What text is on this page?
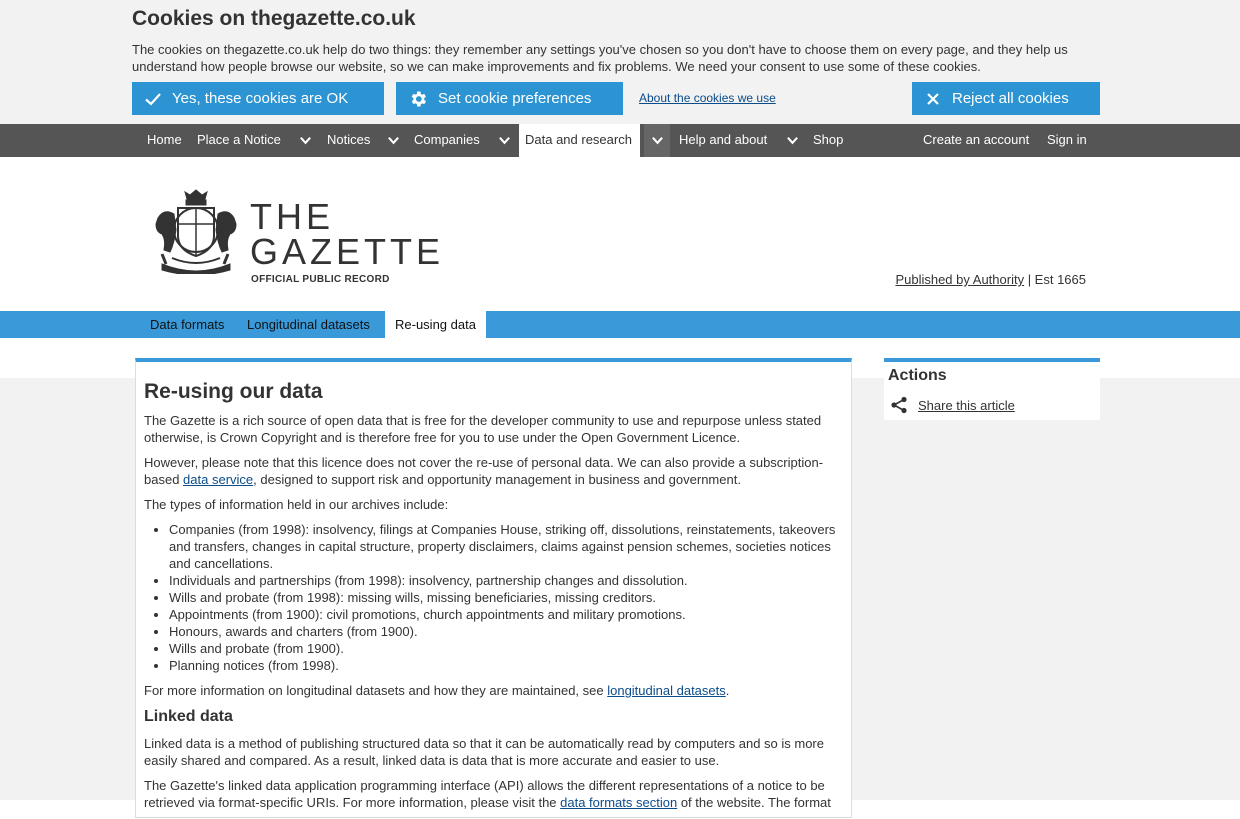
Cookies on thegazette.co.uk
The cookies on thegazette.co.uk help do two things: they remember any settings you've chosen so you don't have to choose them on every page, and they help us understand how people browse our website, so we can make improvements and fix problems. We need your consent to use some of these cookies.
Yes, these cookies are OK	Set cookie preferences	About the cookies we use	Reject all cookies
Home Place a Notice	Notices	Companies	Data and research	Help and about	Shop	Create an account Sign in
THE
GAZETTE
OFFICIAL PUBLIC RECORD	Published by Authority | Est 1665
Data formats	Longitudinal datasets	Re-using data
Re-using our data

The Gazette is a rich source of open data that is free for the developer community to use and repurpose unless stated otherwise, is Crown Copyright and is therefore free for you to use under the Open Government Licence.

However, please note that this licence does not cover the re-use of personal data. We can also provide a subscription-based data service, designed to support risk and opportunity management in business and government.

The types of information held in our archives include:

• Companies (from 1998): insolvency, filings at Companies House, striking off, dissolutions, reinstatements, takeovers and transfers, changes in capital structure, property disclaimers, claims against pension schemes, societies notices and cancellations.
• Individuals and partnerships (from 1998): insolvency, partnership changes and dissolution.
• Wills and probate (from 1998): missing wills, missing beneficiaries, missing creditors.
• Appointments (from 1900): civil promotions, church appointments and military promotions.
• Honours, awards and charters (from 1900).
• Wills and probate (from 1900).
• Planning notices (from 1998).

For more information on longitudinal datasets and how they are maintained, see longitudinal datasets.

Linked data

Linked data is a method of publishing structured data so that it can be automatically read by computers and so is more easily shared and compared. As a result, linked data is data that is more accurate and easier to use.

The Gazette's linked data application programming interface (API) allows the different representations of a notice to be retrieved via format-specific URIs. For more information, please visit the data formats section of the website. The format

Actions
Share this article
